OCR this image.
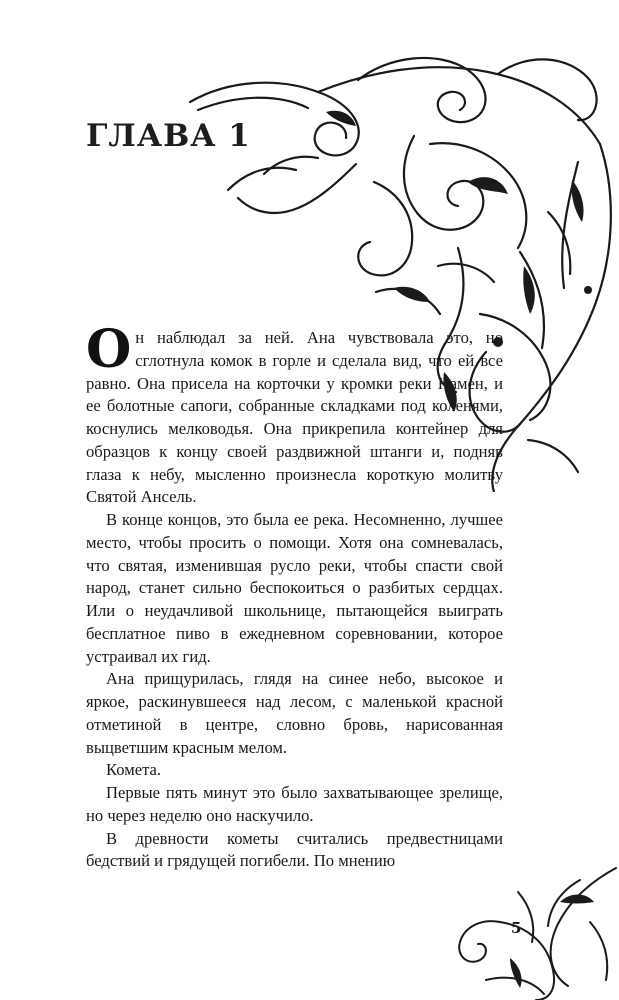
ГЛАВА 1

Он наблюдал за ней. Ана чувствовала это, но сглотнула комок в горле и сделала вид, что ей все равно. Она присела на корточки у кромки реки Намен, и ее болотные сапоги, собранные складками под коленями, коснулись мелководья. Она прикрепила контейнер для образцов к концу своей раздвижной штанги и, подняв глаза к небу, мысленно произнесла короткую молитву Святой Ансель.

В конце концов, это была ее река. Несомненно, лучшее место, чтобы просить о помощи. Хотя она сомневалась, что святая, изменившая русло реки, чтобы спасти свой народ, станет сильно беспокоиться о разбитых сердцах. Или о неудачливой школьнице, пытающейся выиграть бесплатное пиво в ежедневном соревновании, которое устраивал их гид.

Ана прищурилась, глядя на синее небо, высокое и яркое, раскинувшееся над лесом, с маленькой красной отметиной в центре, словно бровь, нарисованная выцветшим красным мелом.

Комета.

Первые пять минут это было захватывающее зрелище, но через неделю оно наскучило.

В древности кометы считались предвестницами бедствий и грядущей погибели. По мнению

5
